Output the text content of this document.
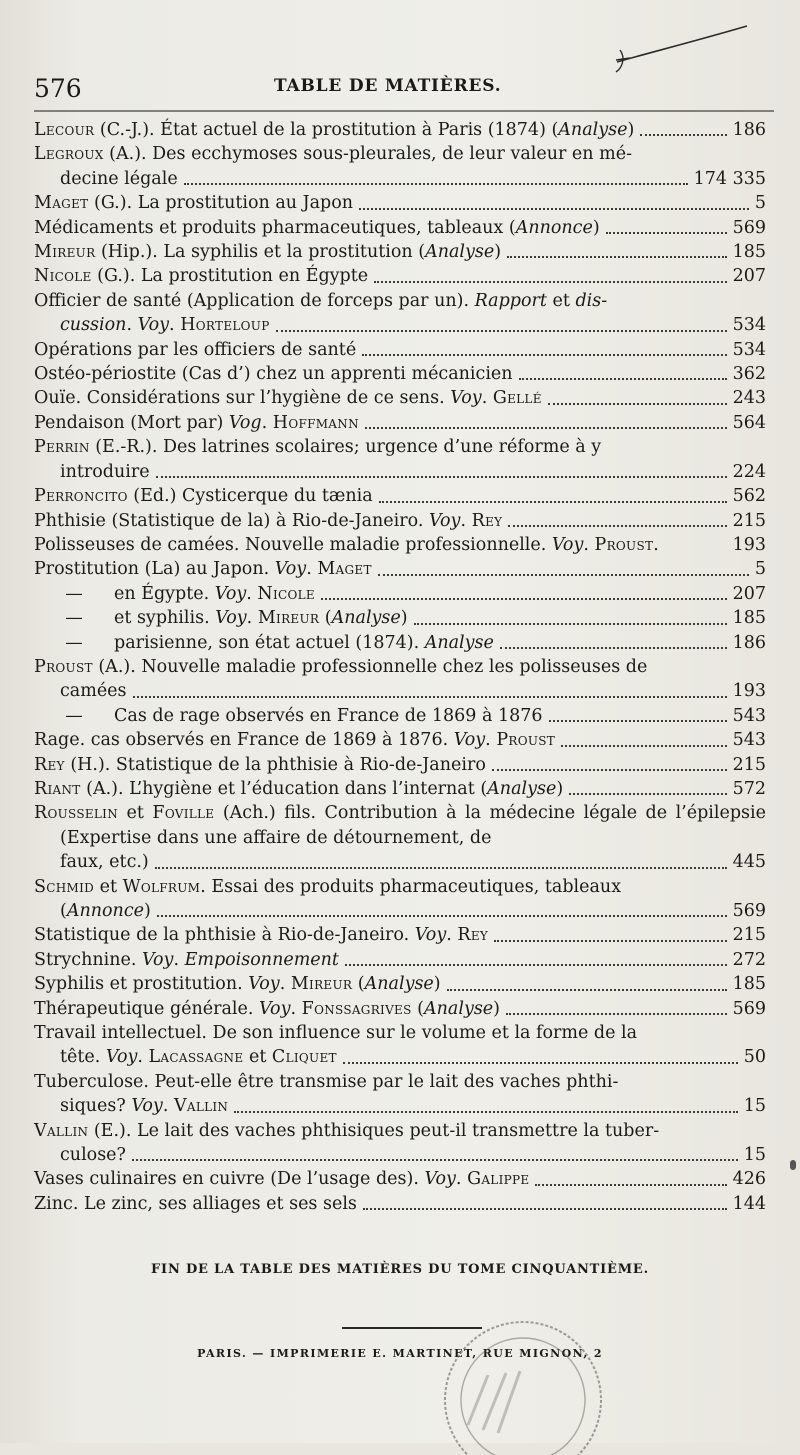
576	TABLE DE MATIÈRES.
Lecour (C.-J.). État actuel de la prostitution à Paris (1874) (Analyse)	186
Legroux (A.). Des ecchymoses sous-pleurales, de leur valeur en mé-
decine légale	174 335
Maget (G.). La prostitution au Japon	5
Médicaments et produits pharmaceutiques, tableaux (Annonce)	569
Mireur (Hip.). La syphilis et la prostitution (Analyse)	185
Nicole (G.). La prostitution en Égypte	207
Officier de santé (Application de forceps par un). Rapport et dis-
cussion. Voy. Horteloup	534
Opérations par les officiers de santé	534
Ostéo-périostite (Cas d’) chez un apprenti mécanicien	362
Ouïe. Considérations sur l’hygiène de ce sens. Voy. Gellé	243
Pendaison (Mort par) Vog. Hoffmann	564
Perrin (E.-R.). Des latrines scolaires; urgence d’une réforme à y
introduire	224
Perroncito (Ed.) Cysticerque du tænia	562
Phthisie (Statistique de la) à Rio-de-Janeiro. Voy. Rey	215
Polisseuses de camées. Nouvelle maladie professionnelle. Voy. Proust.	193
Prostitution (La) au Japon. Voy. Maget	5
— en Égypte. Voy. Nicole	207
— et syphilis. Voy. Mireur (Analyse)	185
— parisienne, son état actuel (1874). Analyse	186
Proust (A.). Nouvelle maladie professionnelle chez les polisseuses de
camées	193
— Cas de rage observés en France de 1869 à 1876	543
Rage. cas observés en France de 1869 à 1876. Voy. Proust	543
Rey (H.). Statistique de la phthisie à Rio-de-Janeiro	215
Riant (A.). L’hygiène et l’éducation dans l’internat (Analyse)	572
Rousselin et Foville (Ach.) fils. Contribution à la médecine légale de l’épilepsie (Expertise dans une affaire de détournement, de
faux, etc.)	445
Schmid et Wolfrum. Essai des produits pharmaceutiques, tableaux
(Annonce)	569
Statistique de la phthisie à Rio-de-Janeiro. Voy. Rey	215
Strychnine. Voy. Empoisonnement	272
Syphilis et prostitution. Voy. Mireur (Analyse)	185
Thérapeutique générale. Voy. Fonssagrives (Analyse)	569
Travail intellectuel. De son influence sur le volume et la forme de la
tête. Voy. Lacassagne et Cliquet	50
Tuberculose. Peut-elle être transmise par le lait des vaches phthi-
siques? Voy. Vallin	15
Vallin (E.). Le lait des vaches phthisiques peut-il transmettre la tuber-
culose?	15
Vases culinaires en cuivre (De l’usage des). Voy. Galippe	426
Zinc. Le zinc, ses alliages et ses sels	144
FIN DE LA TABLE DES MATIÈRES DU TOME CINQUANTIÈME.
PARIS. — IMPRIMERIE E. MARTINET, RUE MIGNON, 2
